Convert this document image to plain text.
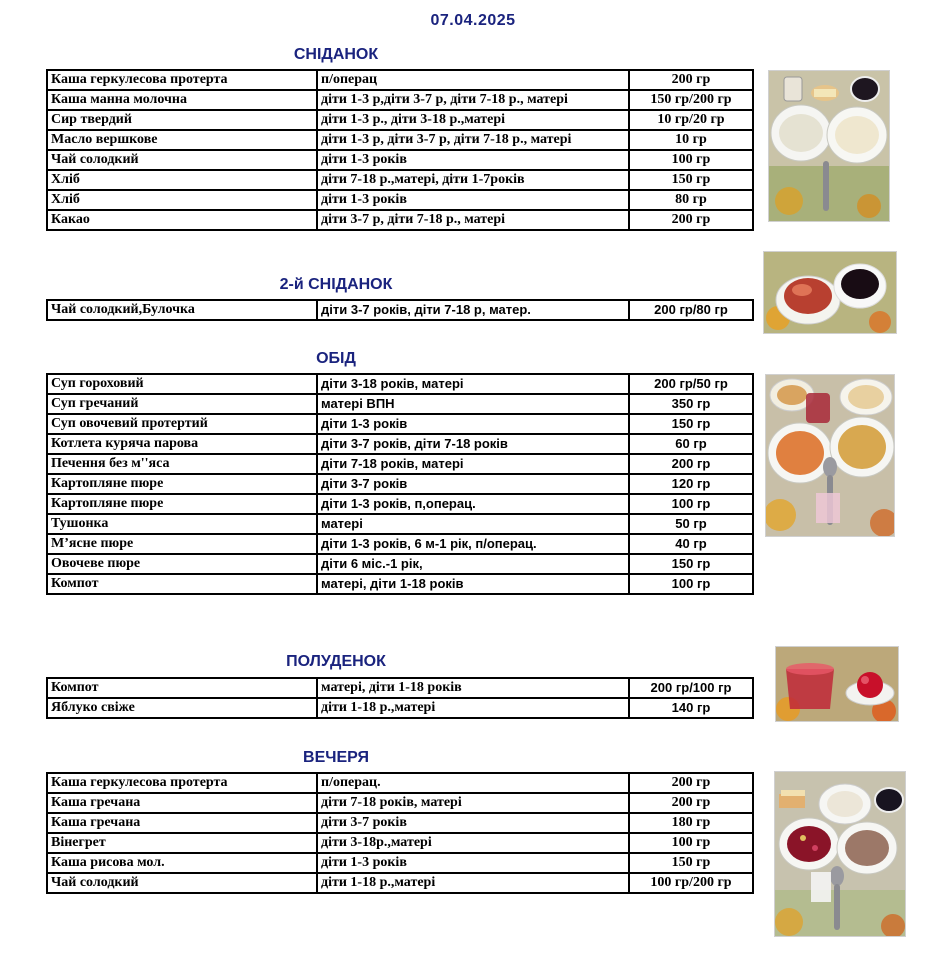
07.04.2025
СНІДАНОК
Каша геркулесова протерта	п/операц	200 гр
Каша манна молочна	діти 1-3 р,діти 3-7 р, діти 7-18 р., матері	150 гр/200 гр
Сир твердий	діти 1-3 р., діти 3-18 р.,матері	10 гр/20 гр
Масло вершкове	діти 1-3 р, діти 3-7 р, діти 7-18 р., матері	10 гр
Чай солодкий	діти 1-3 років	100 гр
Хліб	діти 7-18 р.,матері, діти 1-7років	150 гр
Хліб	діти 1-3 років	80 гр
Какао	діти 3-7 р, діти 7-18 р., матері	200 гр
2-й СНІДАНОК
Чай солодкий,Булочка	діти 3-7 років, діти 7-18 р, матер.	200 гр/80 гр
ОБІД
Суп гороховий	діти 3-18 років, матері	200 гр/50 гр
Суп гречаний	матері ВПН	350 гр
Суп овочевий протертий	діти 1-3 років	150 гр
Котлета куряча парова	діти 3-7 років, діти 7-18 років	60 гр
Печення без м''яса	діти 7-18 років, матері	200 гр
Картопляне пюре	діти 3-7 років	120 гр
Картопляне пюре	діти 1-3 років, п,операц.	100 гр
Тушонка	матері	50 гр
М’ясне пюре	діти 1-3 років, 6 м-1 рік, п/операц.	40 гр
Овочеве пюре	діти 6 міс.-1 рік,	150 гр
Компот	матері, діти 1-18 років	100 гр
ПОЛУДЕНОК
Компот	матері, діти 1-18 років	200 гр/100 гр
Яблуко свіже	діти 1-18 р.,матері	140 гр
ВЕЧЕРЯ
Каша геркулесова протерта	п/операц.	200 гр
Каша гречана	діти 7-18 років, матері	200 гр
Каша гречана	діти 3-7 років	180 гр
Вінегрет	діти 3-18р.,матері	100 гр
Каша рисова мол.	діти 1-3 років	150 гр
Чай солодкий	діти 1-18 р.,матері	100 гр/200 гр
